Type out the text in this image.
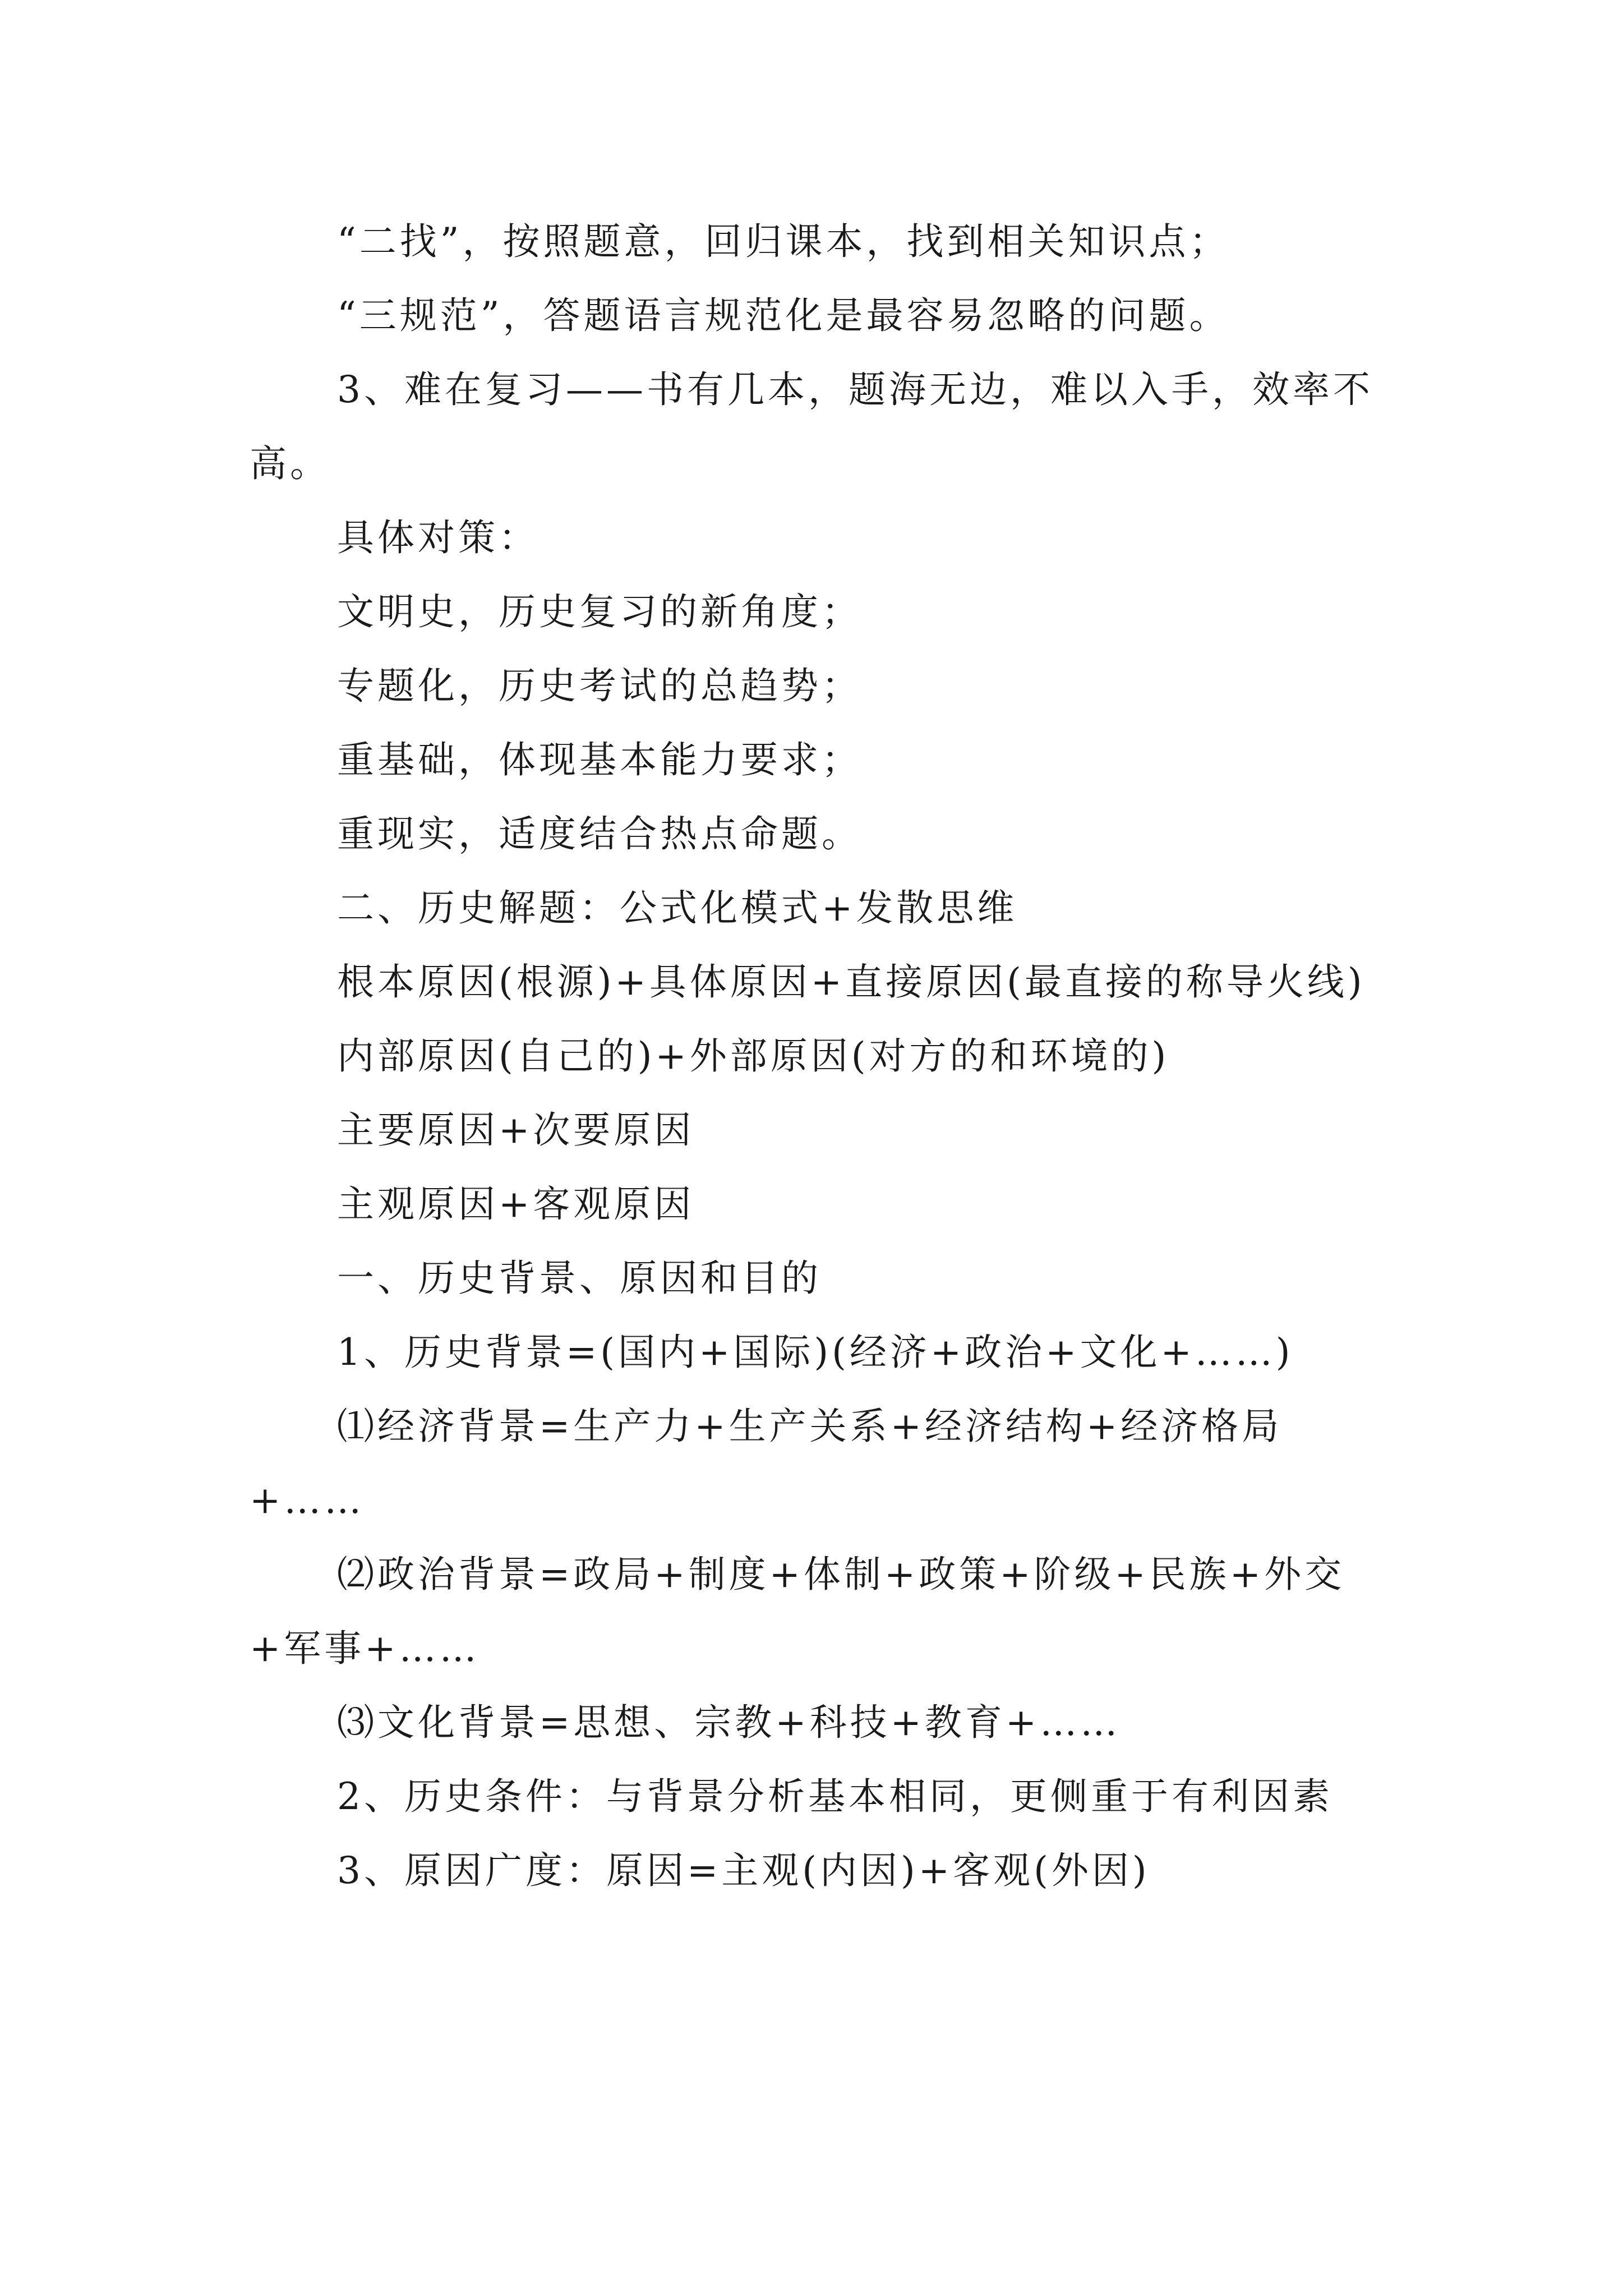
“二找”，按照题意，回归课本，找到相关知识点；

“三规范”，答题语言规范化是最容易忽略的问题。

3、难在复习——书有几本，题海无边，难以入手，效率不高。

具体对策：

文明史，历史复习的新角度；

专题化，历史考试的总趋势；

重基础，体现基本能力要求；

重现实，适度结合热点命题。

二、历史解题：公式化模式+发散思维

根本原因(根源)+具体原因+直接原因(最直接的称导火线)

内部原因(自己的)+外部原因(对方的和环境的)

主要原因+次要原因

主观原因+客观原因

一、历史背景、原因和目的

1、历史背景=(国内+国际)(经济+政治+文化+……)

⑴经济背景=生产力+生产关系+经济结构+经济格局+……

⑵政治背景=政局+制度+体制+政策+阶级+民族+外交+军事+……

⑶文化背景=思想、宗教+科技+教育+……

2、历史条件：与背景分析基本相同，更侧重于有利因素

3、原因广度：原因=主观(内因)+客观(外因)
